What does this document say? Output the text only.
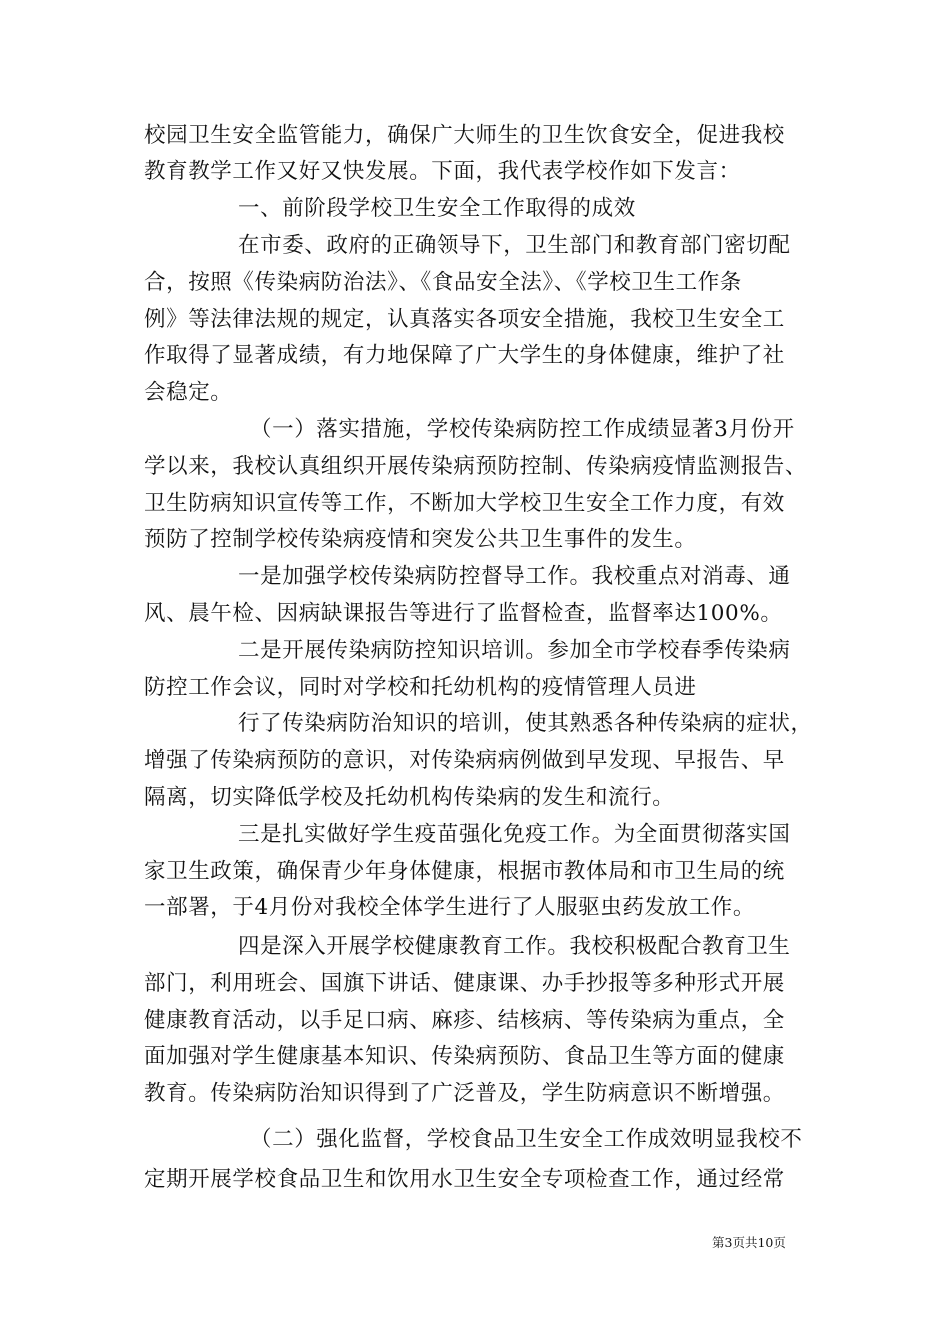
校园卫生安全监管能力，确保广大师生的卫生饮食安全，促进我校
教育教学工作又好又快发展。下面，我代表学校作如下发言：
一、前阶段学校卫生安全工作取得的成效
在市委、政府的正确领导下，卫生部门和教育部门密切配
合，按照《传染病防治法》、《食品安全法》、《学校卫生工作条
例》等法律法规的规定，认真落实各项安全措施，我校卫生安全工
作取得了显著成绩，有力地保障了广大学生的身体健康，维护了社
会稳定。
（一）落实措施，学校传染病防控工作成绩显著3月份开
学以来，我校认真组织开展传染病预防控制、传染病疫情监测报告、
卫生防病知识宣传等工作，不断加大学校卫生安全工作力度，有效
预防了控制学校传染病疫情和突发公共卫生事件的发生。
一是加强学校传染病防控督导工作。我校重点对消毒、通
风、晨午检、因病缺课报告等进行了监督检查，监督率达100%。
二是开展传染病防控知识培训。参加全市学校春季传染病
防控工作会议，同时对学校和托幼机构的疫情管理人员进
行了传染病防治知识的培训，使其熟悉各种传染病的症状，
增强了传染病预防的意识，对传染病病例做到早发现、早报告、早
隔离，切实降低学校及托幼机构传染病的发生和流行。
三是扎实做好学生疫苗强化免疫工作。为全面贯彻落实国
家卫生政策，确保青少年身体健康，根据市教体局和市卫生局的统
一部署，于4月份对我校全体学生进行了人服驱虫药发放工作。
四是深入开展学校健康教育工作。我校积极配合教育卫生
部门，利用班会、国旗下讲话、健康课、办手抄报等多种形式开展
健康教育活动，以手足口病、麻疹、结核病、等传染病为重点，全
面加强对学生健康基本知识、传染病预防、食品卫生等方面的健康
教育。传染病防治知识得到了广泛普及，学生防病意识不断增强。
（二）强化监督，学校食品卫生安全工作成效明显我校不
第3页共10页
定期开展学校食品卫生和饮用水卫生安全专项检查工作，通过经常
